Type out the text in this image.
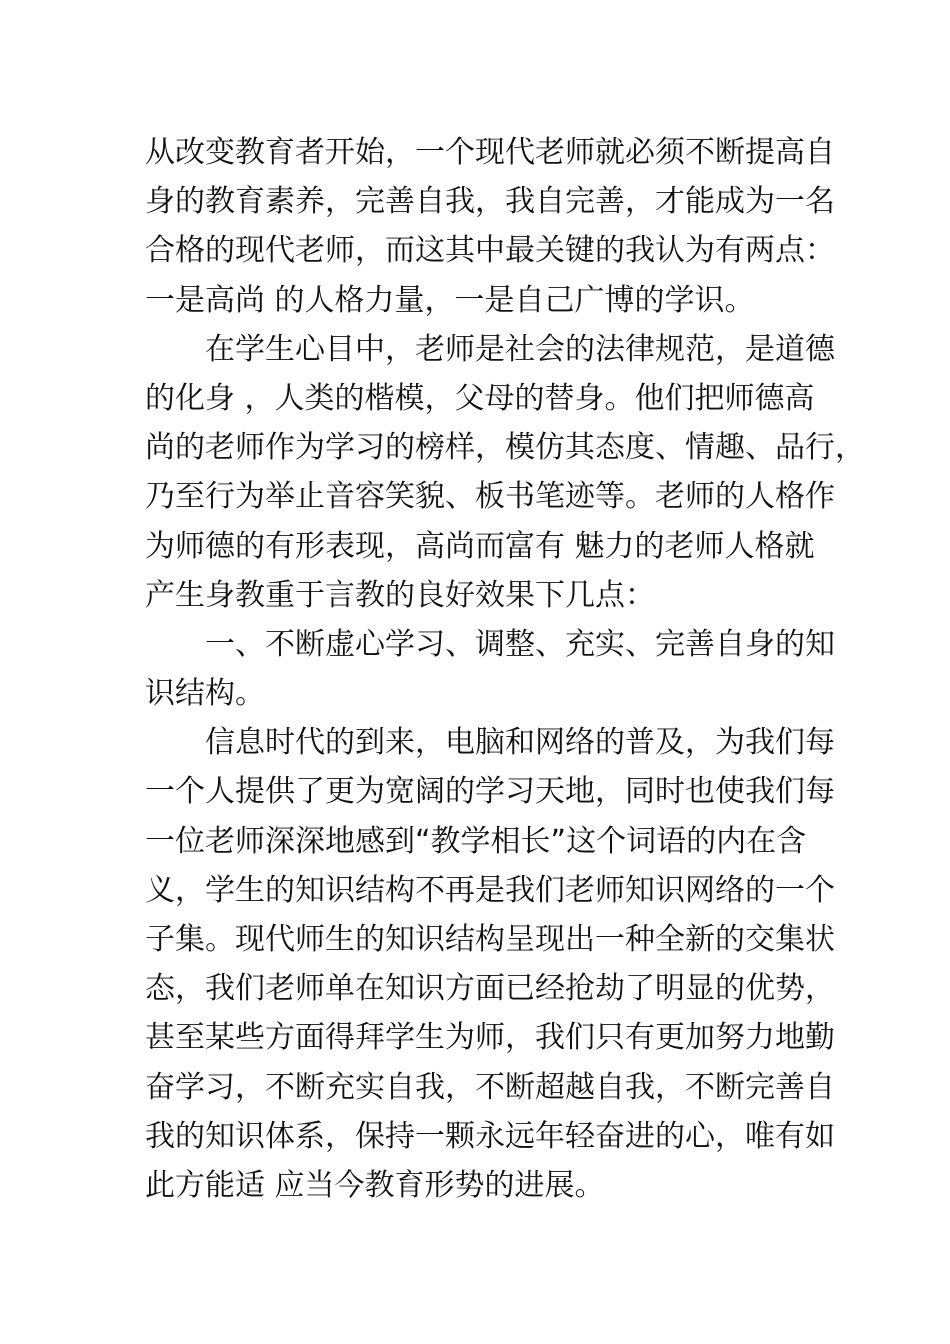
从改变教育者开始，一个现代老师就必须不断提高自
身的教育素养，完善自我，我自完善，才能成为一名
合格的现代老师，而这其中最关键的我认为有两点：
一是高尚 的人格力量，一是自己广博的学识。
　　在学生心目中，老师是社会的法律规范，是道德
的化身 ，人类的楷模，父母的替身。他们把师德高
尚的老师作为学习的榜样，模仿其态度、情趣、品行，
乃至行为举止音容笑貌、板书笔迹等。老师的人格作
为师德的有形表现，高尚而富有 魅力的老师人格就
产生身教重于言教的良好效果下几点：
　　一、不断虚心学习、调整、充实、完善自身的知
识结构。
　　信息时代的到来，电脑和网络的普及，为我们每
一个人提供了更为宽阔的学习天地，同时也使我们每
一位老师深深地感到“教学相长”这个词语的内在含
义，学生的知识结构不再是我们老师知识网络的一个
子集。现代师生的知识结构呈现出一种全新的交集状
态，我们老师单在知识方面已经抢劫了明显的优势，
甚至某些方面得拜学生为师，我们只有更加努力地勤
奋学习，不断充实自我，不断超越自我，不断完善自
我的知识体系，保持一颗永远年轻奋进的心，唯有如
此方能适 应当今教育形势的进展。
